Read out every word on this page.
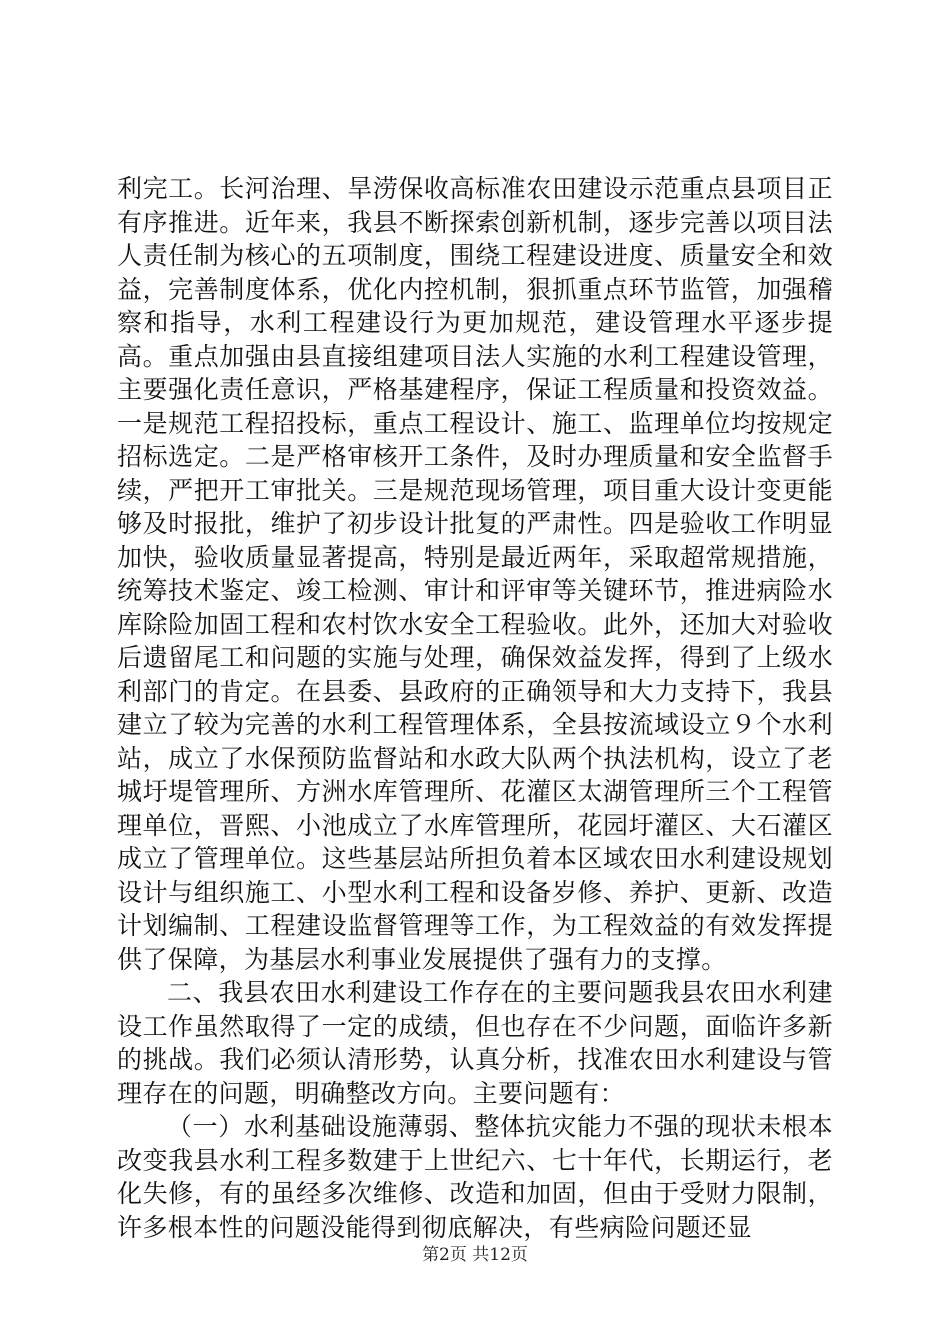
利完工。长河治理、旱涝保收高标准农田建设示范重点县项目正有序推进。近年来，我县不断探索创新机制，逐步完善以项目法人责任制为核心的五项制度，围绕工程建设进度、质量安全和效益，完善制度体系，优化内控机制，狠抓重点环节监管，加强稽察和指导，水利工程建设行为更加规范，建设管理水平逐步提高。重点加强由县直接组建项目法人实施的水利工程建设管理，主要强化责任意识，严格基建程序，保证工程质量和投资效益。一是规范工程招投标，重点工程设计、施工、监理单位均按规定招标选定。二是严格审核开工条件，及时办理质量和安全监督手续，严把开工审批关。三是规范现场管理，项目重大设计变更能够及时报批，维护了初步设计批复的严肃性。四是验收工作明显加快，验收质量显著提高，特别是最近两年，采取超常规措施，统筹技术鉴定、竣工检测、审计和评审等关键环节，推进病险水库除险加固工程和农村饮水安全工程验收。此外，还加大对验收后遗留尾工和问题的实施与处理，确保效益发挥，得到了上级水利部门的肯定。在县委、县政府的正确领导和大力支持下，我县建立了较为完善的水利工程管理体系，全县按流域设立９个水利站，成立了水保预防监督站和水政大队两个执法机构，设立了老城圩堤管理所、方洲水库管理所、花灌区太湖管理所三个工程管理单位，晋熙、小池成立了水库管理所，花园圩灌区、大石灌区成立了管理单位。这些基层站所担负着本区域农田水利建设规划设计与组织施工、小型水利工程和设备岁修、养护、更新、改造计划编制、工程建设监督管理等工作，为工程效益的有效发挥提供了保障，为基层水利事业发展提供了强有力的支撑。

二、我县农田水利建设工作存在的主要问题我县农田水利建设工作虽然取得了一定的成绩，但也存在不少问题，面临许多新的挑战。我们必须认清形势，认真分析，找准农田水利建设与管理存在的问题，明确整改方向。主要问题有：

（一）水利基础设施薄弱、整体抗灾能力不强的现状未根本改变我县水利工程多数建于上世纪六、七十年代，长期运行，老化失修，有的虽经多次维修、改造和加固，但由于受财力限制，许多根本性的问题没能得到彻底解决，有些病险问题还显

第2页 共12页
